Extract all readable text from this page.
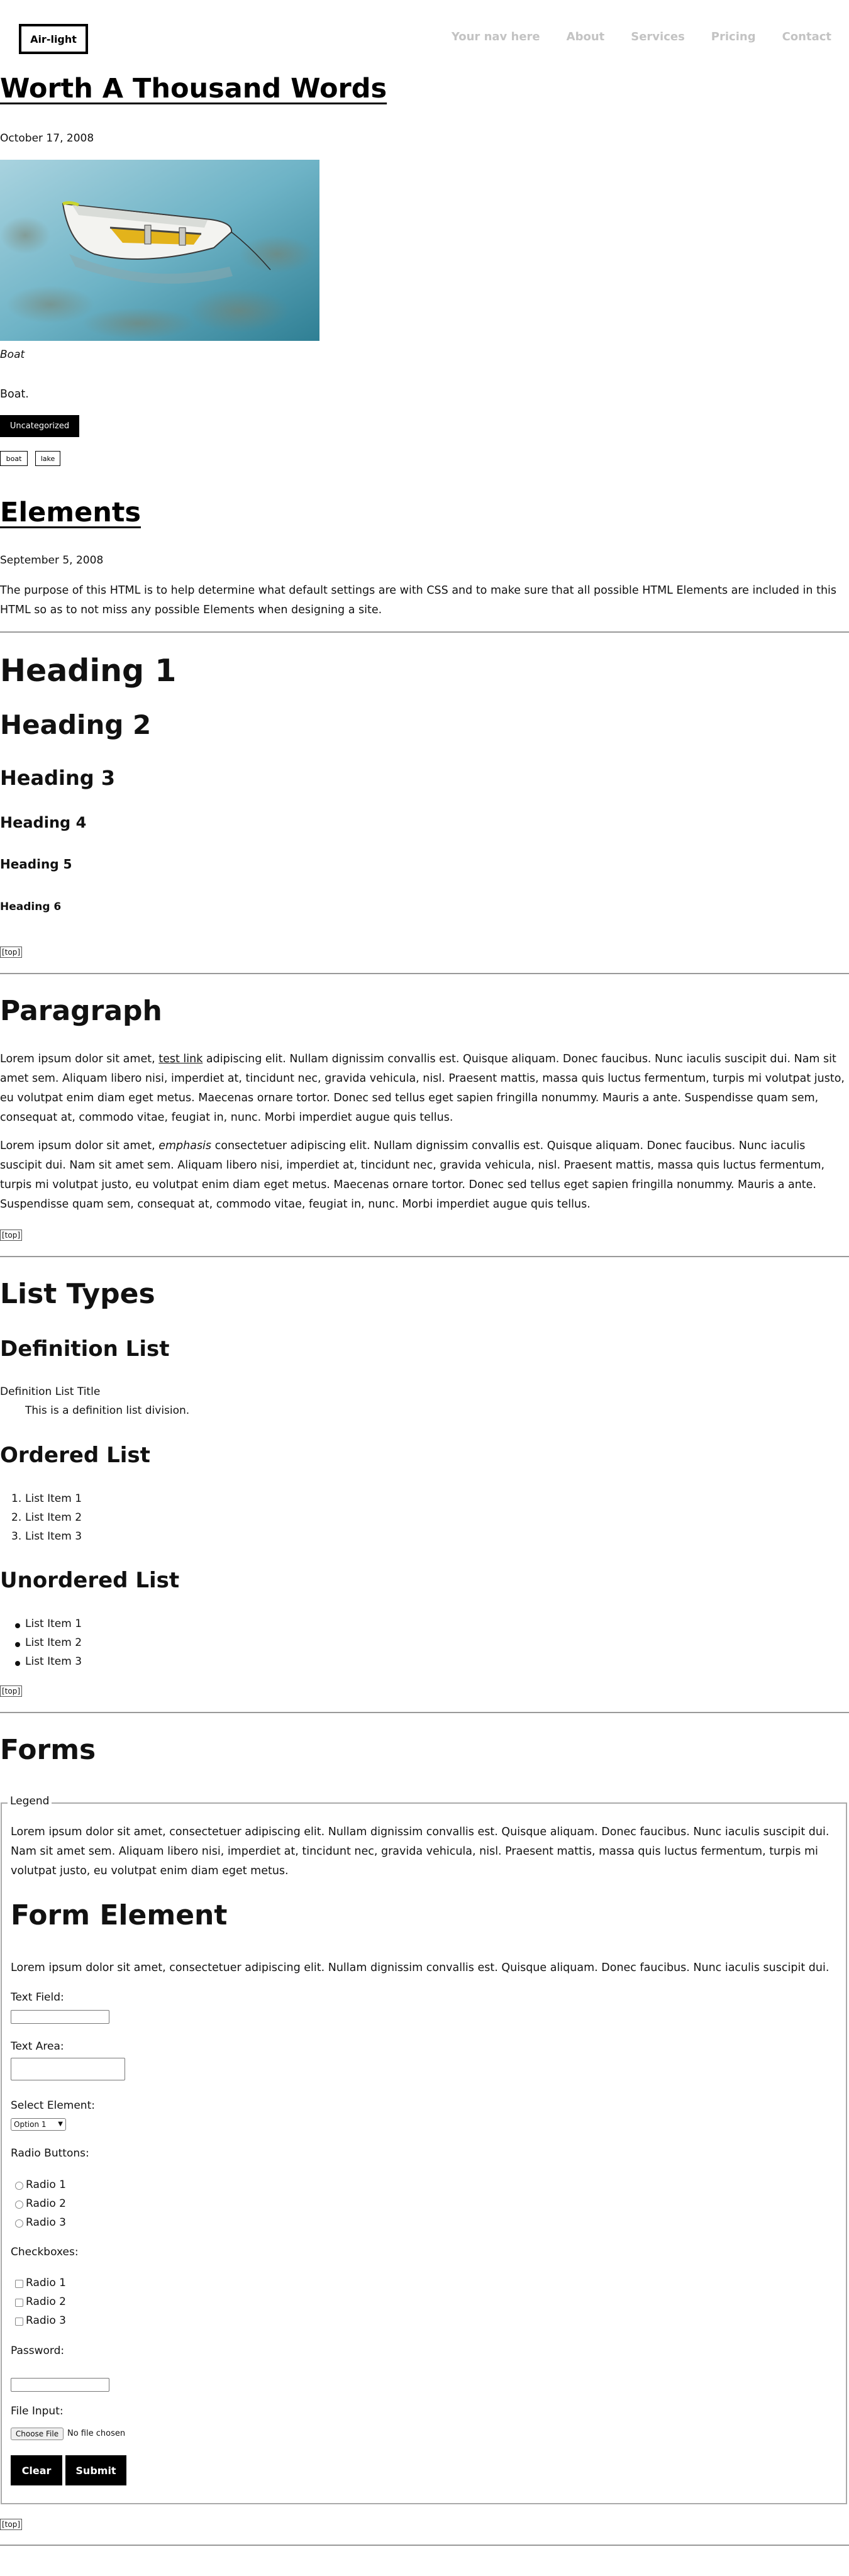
Air-light	Your nav here About Services Pricing Contact
Worth A Thousand Words
October 17, 2008
Boat
Boat.
Uncategorized
boat	lake
Elements
September 5, 2008
The purpose of this HTML is to help determine what default settings are with CSS and to make sure that all possible HTML Elements are included in this HTML so as to not miss any possible Elements when designing a site.
Heading 1
Heading 2
Heading 3
Heading 4
Heading 5
Heading 6
[top]
Paragraph
Lorem ipsum dolor sit amet, test link adipiscing elit. Nullam dignissim convallis est. Quisque aliquam. Donec faucibus. Nunc iaculis suscipit dui. Nam sit amet sem. Aliquam libero nisi, imperdiet at, tincidunt nec, gravida vehicula, nisl. Praesent mattis, massa quis luctus fermentum, turpis mi volutpat justo, eu volutpat enim diam eget metus. Maecenas ornare tortor. Donec sed tellus eget sapien fringilla nonummy. Mauris a ante. Suspendisse quam sem, consequat at, commodo vitae, feugiat in, nunc. Morbi imperdiet augue quis tellus.
Lorem ipsum dolor sit amet, emphasis consectetuer adipiscing elit. Nullam dignissim convallis est. Quisque aliquam. Donec faucibus. Nunc iaculis suscipit dui. Nam sit amet sem. Aliquam libero nisi, imperdiet at, tincidunt nec, gravida vehicula, nisl. Praesent mattis, massa quis luctus fermentum, turpis mi volutpat justo, eu volutpat enim diam eget metus. Maecenas ornare tortor. Donec sed tellus eget sapien fringilla nonummy. Mauris a ante. Suspendisse quam sem, consequat at, commodo vitae, feugiat in, nunc. Morbi imperdiet augue quis tellus.
[top]
List Types
Definition List
Definition List Title
This is a definition list division.
Ordered List
1. List Item 1
2. List Item 2
3. List Item 3
Unordered List
List Item 1
List Item 2
List Item 3
[top]
Forms
Legend
Lorem ipsum dolor sit amet, consectetuer adipiscing elit. Nullam dignissim convallis est. Quisque aliquam. Donec faucibus. Nunc iaculis suscipit dui. Nam sit amet sem. Aliquam libero nisi, imperdiet at, tincidunt nec, gravida vehicula, nisl. Praesent mattis, massa quis luctus fermentum, turpis mi volutpat justo, eu volutpat enim diam eget metus.
Form Element
Lorem ipsum dolor sit amet, consectetuer adipiscing elit. Nullam dignissim convallis est. Quisque aliquam. Donec faucibus. Nunc iaculis suscipit dui.
Text Field:
Text Area:
Select Element:
Option 1 ▼
Radio Buttons:
Radio 1
Radio 2
Radio 3
Checkboxes:
Radio 1
Radio 2
Radio 3
Password:
File Input:
Choose File	No file chosen
Clear	Submit
[top]
